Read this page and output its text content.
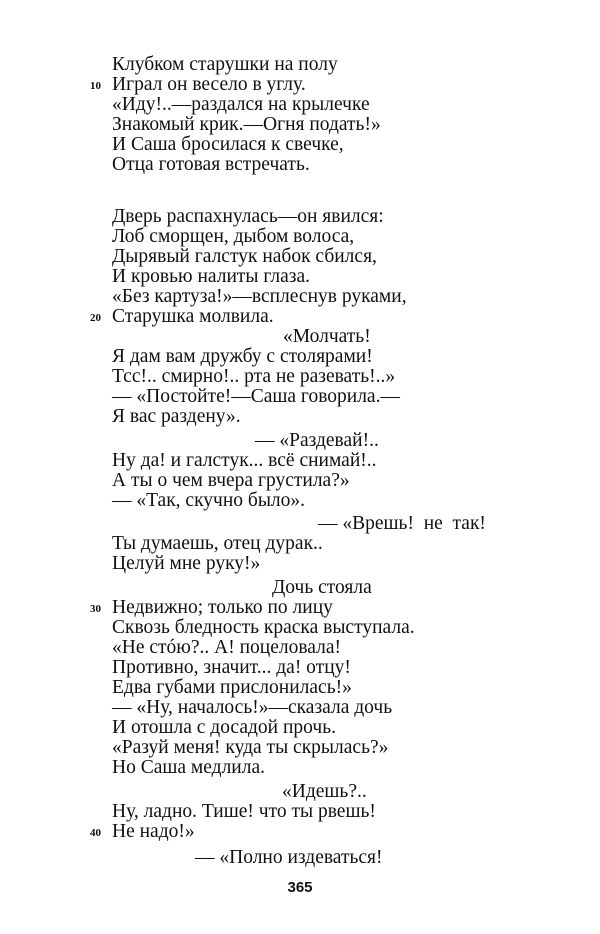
Клубком старушки на полу
Играл он весело в углу.
«Иду!..—раздался на крылечке
Знакомый крик.—Огня подать!»
И Саша бросилася к свечке,
Отца готовая встречать.
Дверь распахнулась—он явился:
Лоб сморщен, дыбом волоса,
Дырявый галстук набок сбился,
И кровью налиты глаза.
«Без картуза!»—всплеснув руками,
Старушка молвила.
«Молчать!
Я дам вам дружбу с столярами!
Тсс!.. смирно!.. рта не разевать!..»
— «Постойте!—Саша говорила.—
Я вас раздену».
— «Раздевай!..
Ну да! и галстук... всё снимай!..
А ты о чем вчера грустила?»
— «Так, скучно было».
— «Врешь!  не  так!
Ты думаешь, отец дурак..
Целуй мне руку!»
Дочь стояла
Недвижно; только по лицу
Сквозь бледность краска выступала.
«Не стóю?.. А! поцеловала!
Противно, значит... да! отцу!
Едва губами прислонилась!»
— «Ну, началось!»—сказала дочь
И отошла с досадой прочь.
«Разуй меня! куда ты скрылась?»
Но Саша медлила.
«Идешь?..
Ну, ладно. Тише! что ты рвешь!
Не надо!»
— «Полно издеваться!
10
20
30
40
365
